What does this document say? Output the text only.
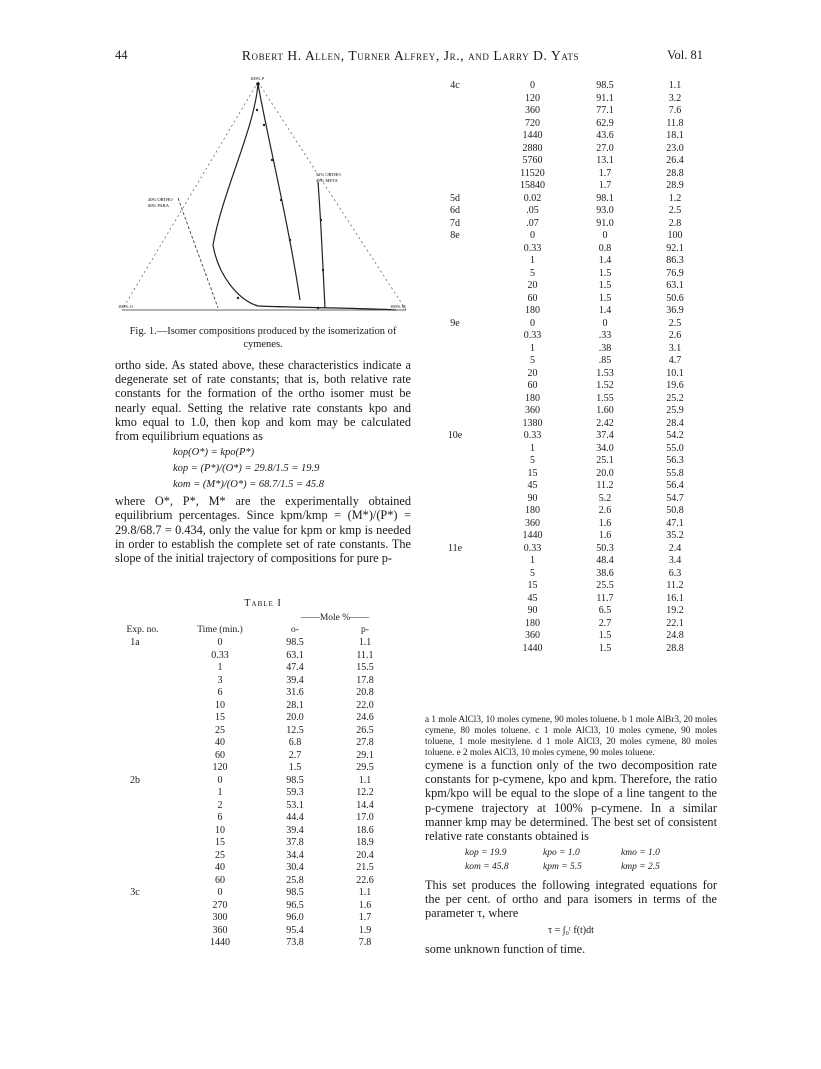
44	Robert H. Allen, Turner Alfrey, Jr., and Larry D. Yats	Vol. 81
100% P
40% ORTHO
60% PARA
51% ORTHO
49% META
100% O	100% M
Fig. 1.—Isomer compositions produced by the isomerization of cymenes.

ortho side. As stated above, these characteristics indicate a degenerate set of rate constants; that is, both relative rate constants for the formation of the ortho isomer must be nearly equal. Setting the relative rate constants kpo and kmo equal to 1.0, then kop and kom may be calculated from equilibrium equations as

kop(O*) = kpo(P*)
kop = (P*)/(O*) = 29.8/1.5 = 19.9
kom = (M*)/(O*) = 68.7/1.5 = 45.8

where O*, P*, M* are the experimentally obtained equilibrium percentages. Since kpm/kmp = (M*)/(P*) = 29.8/68.7 = 0.434, only the value for kpm or kmp is needed in order to establish the complete set of rate constants. The slope of the initial trajectory of compositions for pure p-

Table I
Exp. no.	Time (min.)
——Mole %——
o-	p-
1a	0	98.5	1.1
0.33	63.1	11.1
1	47.4	15.5
3	39.4	17.8
6	31.6	20.8
10	28.1	22.0
15	20.0	24.6
25	12.5	26.5
40	6.8	27.8
60	2.7	29.1
120	1.5	29.5
2b	0	98.5	1.1
1	59.3	12.2
2	53.1	14.4
6	44.4	17.0
10	39.4	18.6
15	37.8	18.9
25	34.4	20.4
40	30.4	21.5
60	25.8	22.6
3c	0	98.5	1.1
270	96.5	1.6
300	96.0	1.7
360	95.4	1.9
1440	73.8	7.8
4c	0	98.5	1.1
120	91.1	3.2
360	77.1	7.6
720	62.9	11.8
1440	43.6	18.1
2880	27.0	23.0
5760	13.1	26.4
11520	1.7	28.8
15840	1.7	28.9
5d	0.02	98.1	1.2
6d	.05	93.0	2.5
7d	.07	91.0	2.8
8e	0	0	100
0.33	0.8	92.1
1	1.4	86.3
5	1.5	76.9
20	1.5	63.1
60	1.5	50.6
180	1.4	36.9
9e	0	0	2.5
0.33	.33	2.6
1	.38	3.1
5	.85	4.7
20	1.53	10.1
60	1.52	19.6
180	1.55	25.2
360	1.60	25.9
1380	2.42	28.4
10e	0.33	37.4	54.2
1	34.0	55.0
5	25.1	56.3
15	20.0	55.8
45	11.2	56.4
90	5.2	54.7
180	2.6	50.8
360	1.6	47.1
1440	1.6	35.2
11e	0.33	50.3	2.4
1	48.4	3.4
5	38.6	6.3
15	25.5	11.2
45	11.7	16.1
90	6.5	19.2
180	2.7	22.1
360	1.5	24.8
1440	1.5	28.8
a 1 mole AlCl3, 10 moles cymene, 90 moles toluene. b 1 mole AlBr3, 20 moles cymene, 80 moles toluene. c 1 mole AlCl3, 10 moles cymene, 90 moles toluene, 1 mole mesitylene. d 1 mole AlCl3, 20 moles cymene, 80 moles toluene. e 2 moles AlCl3, 10 moles cymene, 90 moles toluene.

cymene is a function only of the two decomposition rate constants for p-cymene, kpo and kpm. Therefore, the ratio kpm/kpo will be equal to the slope of a line tangent to the p-cymene trajectory at 100% p-cymene. In a similar manner kmp may be determined. The best set of consistent relative rate constants obtained is

kop = 19.9	kpo = 1.0	kmo = 1.0
kom = 45.8	kpm = 5.5	kmp = 2.5

This set produces the following integrated equations for the per cent. of ortho and para isomers in terms of the parameter τ, where

τ = ∫₀ᵗ f(t)dt

some unknown function of time.
